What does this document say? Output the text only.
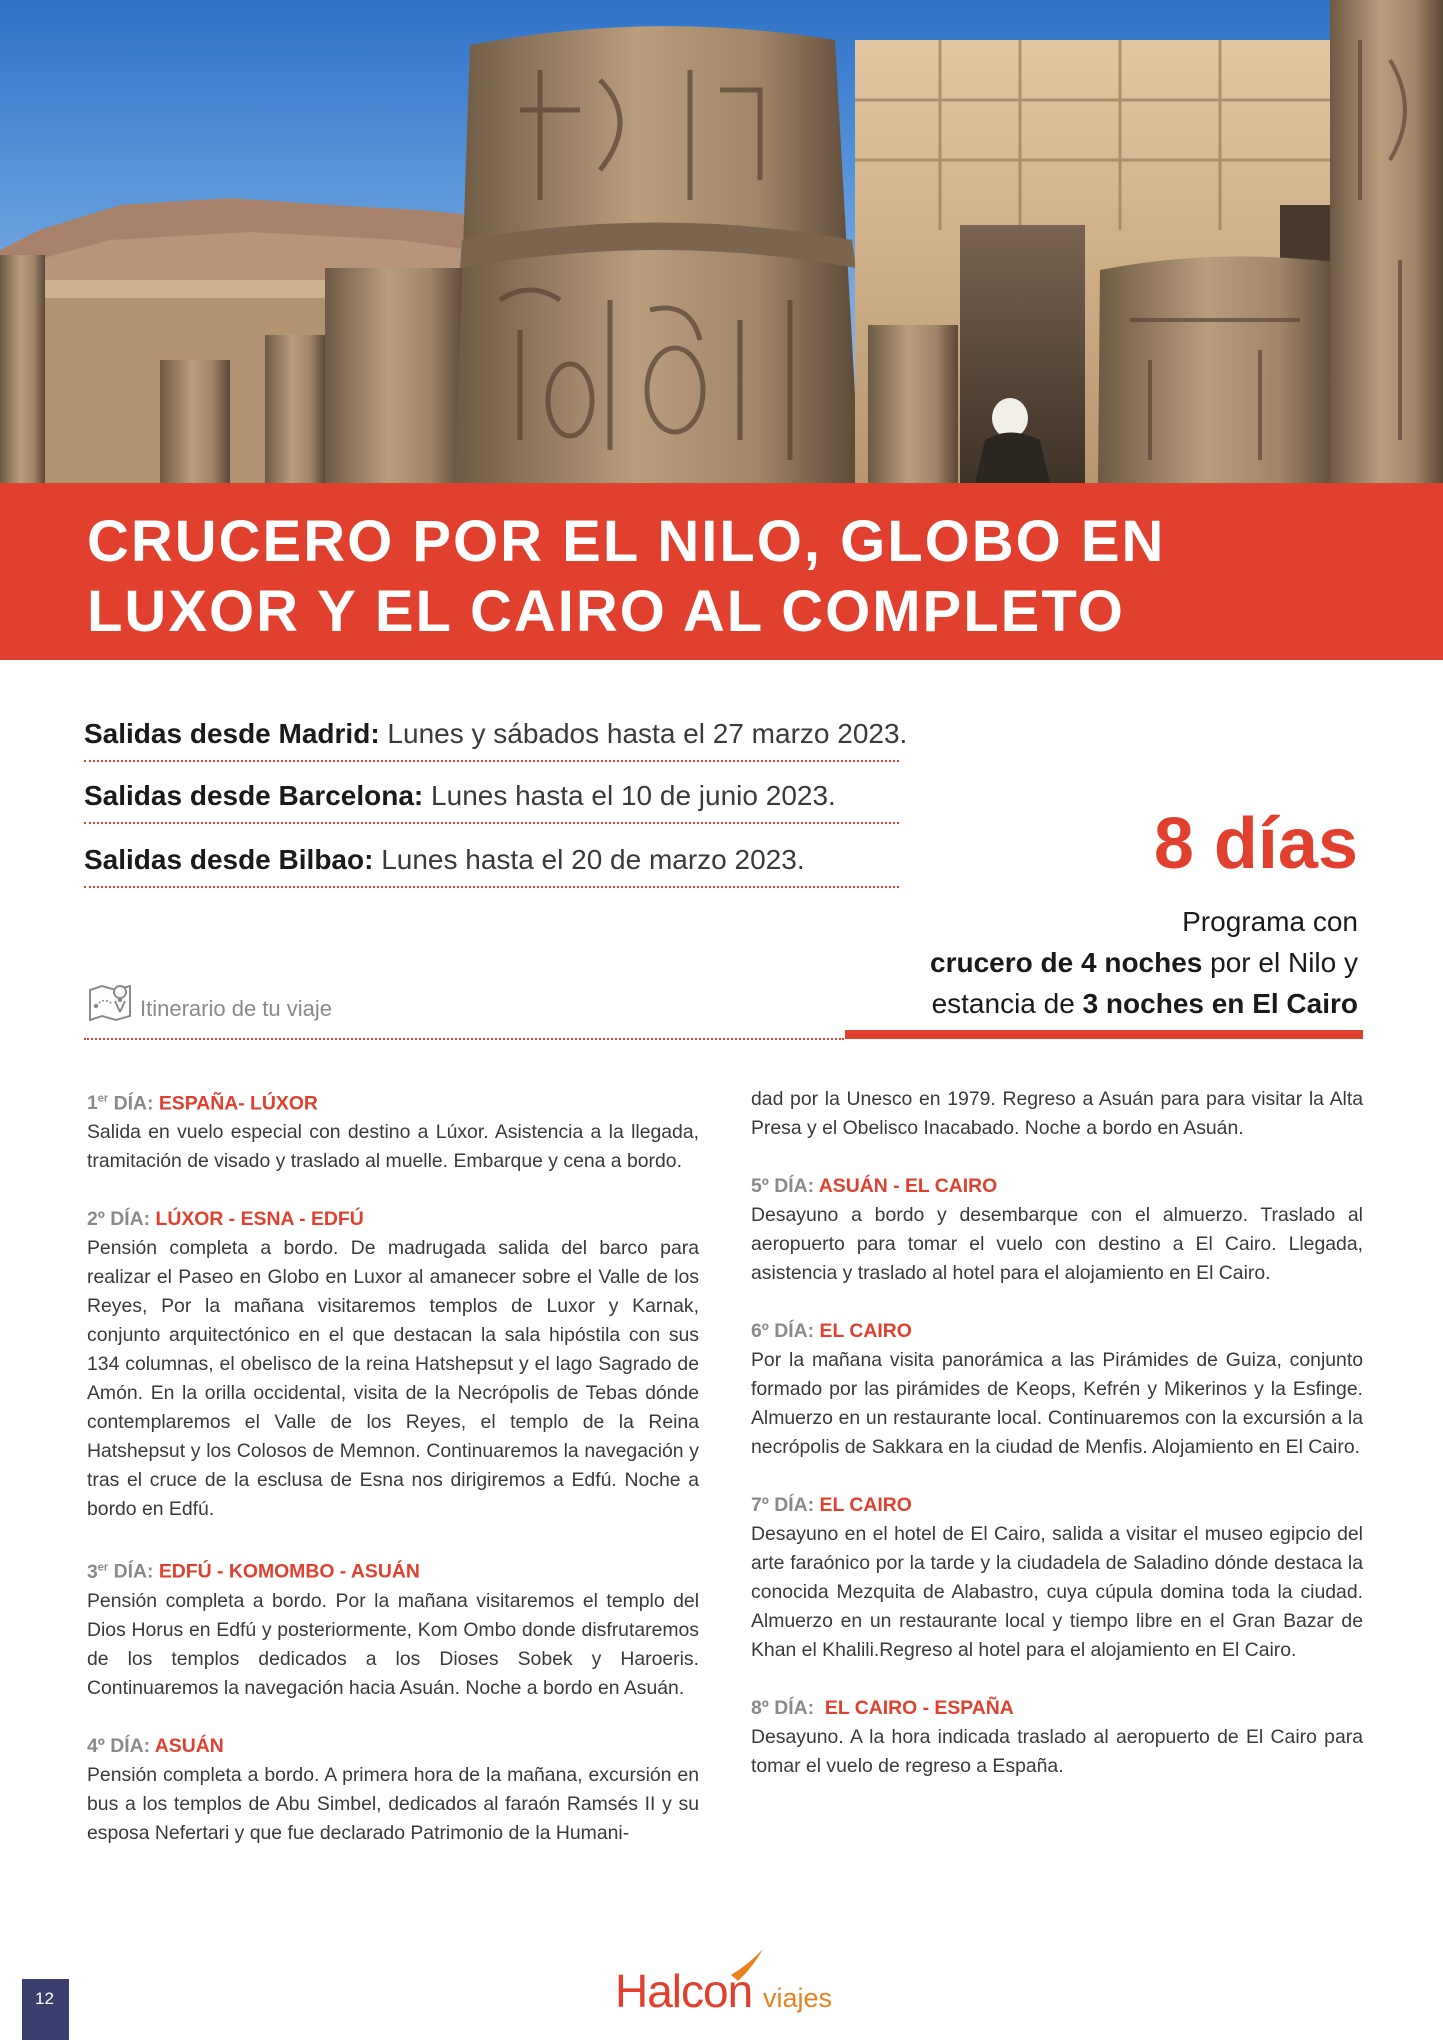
CRUCERO POR EL NILO, GLOBO EN
LUXOR Y EL CAIRO AL COMPLETO
Salidas desde Madrid: Lunes y sábados hasta el 27 marzo 2023.
Salidas desde Barcelona: Lunes hasta el 10 de junio 2023.
Salidas desde Bilbao: Lunes hasta el 20 de marzo 2023.	8 días
Programa con
crucero de 4 noches por el Nilo y
estancia de 3 noches en El Cairo
Itinerario de tu viaje
1er DÍA: ESPAÑA- LÚXOR

Salida en vuelo especial con destino a Lúxor. Asistencia a la llegada, tramitación de visado y traslado al muelle. Embarque y cena a bordo.

2º DÍA: LÚXOR - ESNA - EDFÚ

Pensión completa a bordo. De madrugada salida del barco para realizar el Paseo en Globo en Luxor al amanecer sobre el Valle de los Reyes, Por la mañana visitaremos templos de Luxor y Karnak, conjunto arquitectónico en el que destacan la sala hipóstila con sus 134 columnas, el obelisco de la reina Hatshepsut y el lago Sagrado de Amón. En la orilla occidental, visita de la Necrópolis de Tebas dónde contemplaremos el Valle de los Reyes, el templo de la Reina Hatshepsut y los Colosos de Memnon. Continuaremos la navegación y tras el cruce de la esclusa de Esna nos dirigiremos a Edfú. Noche a bordo en Edfú.

3er DÍA: EDFÚ - KOMOMBO - ASUÁN

Pensión completa a bordo. Por la mañana visitaremos el templo del Dios Horus en Edfú y posteriormente, Kom Ombo donde disfrutaremos de los templos dedicados a los Dioses Sobek y Haroeris. Continuaremos la navegación hacia Asuán. Noche a bordo en Asuán.

4º DÍA: ASUÁN

Pensión completa a bordo. A primera hora de la mañana, excursión en bus a los templos de Abu Simbel, dedicados al faraón Ramsés II y su esposa Nefertari y que fue declarado Patrimonio de la Humani-

dad por la Unesco en 1979. Regreso a Asuán para para visitar la Alta Presa y el Obelisco Inacabado. Noche a bordo en Asuán.

5º DÍA: ASUÁN - EL CAIRO

Desayuno a bordo y desembarque con el almuerzo. Traslado al aeropuerto para tomar el vuelo con destino a El Cairo. Llegada, asistencia y traslado al hotel para el alojamiento en El Cairo.

6º DÍA: EL CAIRO

Por la mañana visita panorámica a las Pirámides de Guiza, conjunto formado por las pirámides de Keops, Kefrén y Mikerinos y la Esfinge. Almuerzo en un restaurante local. Continuaremos con la excursión a la necrópolis de Sakkara en la ciudad de Menfis. Alojamiento en El Cairo.

7º DÍA: EL CAIRO

Desayuno en el hotel de El Cairo, salida a visitar el museo egipcio del arte faraónico por la tarde y la ciudadela de Saladino dónde destaca la conocida Mezquita de Alabastro, cuya cúpula domina toda la ciudad. Almuerzo en un restaurante local y tiempo libre en el Gran Bazar de Khan el Khalili.Regreso al hotel para el alojamiento en El Cairo.

8º DÍA:  EL CAIRO - ESPAÑA

Desayuno. A la hora indicada traslado al aeropuerto de El Cairo para tomar el vuelo de regreso a España.

12	Halcon viajes
